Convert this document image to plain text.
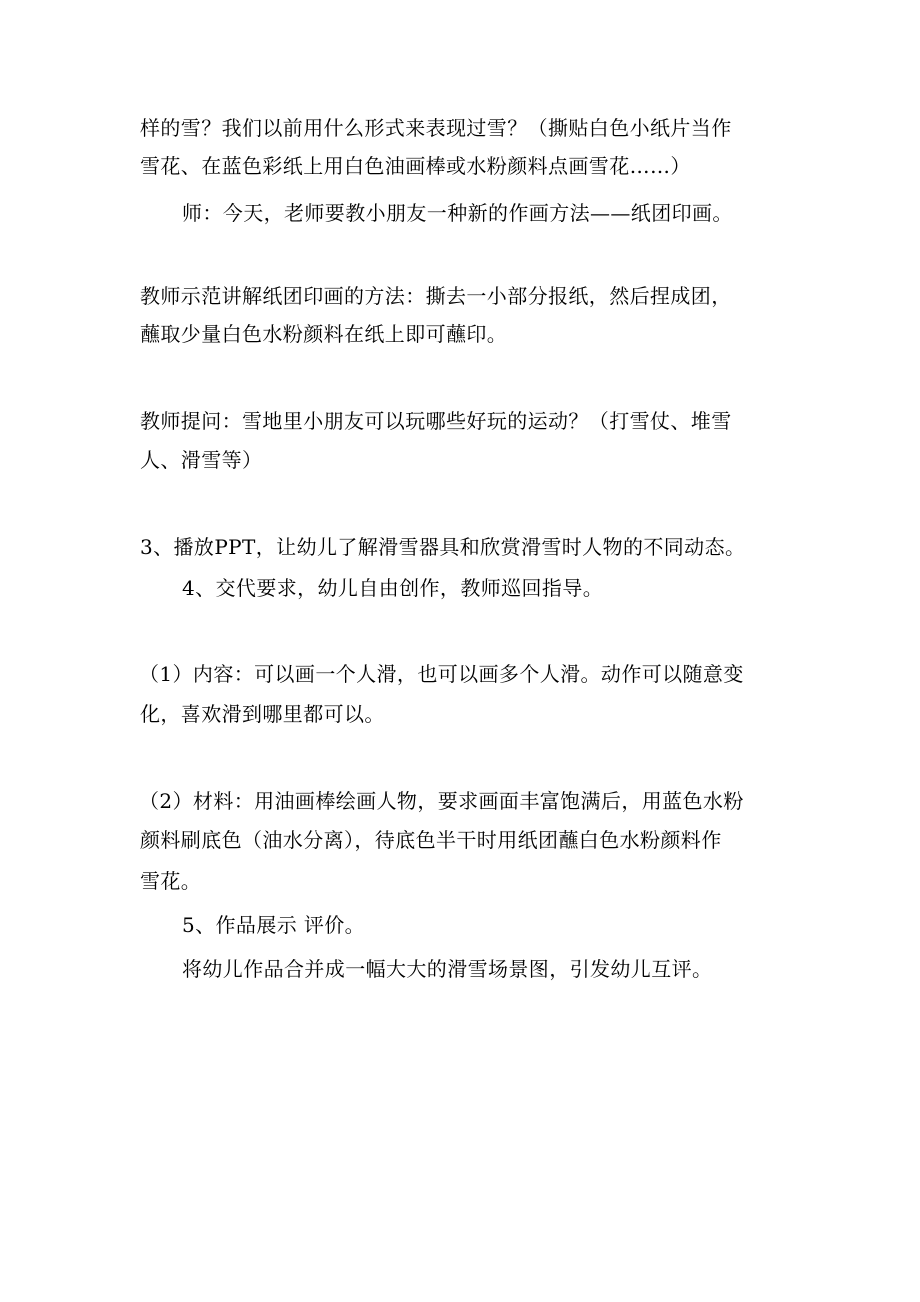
样的雪？我们以前用什么形式来表现过雪？（撕贴白色小纸片当作

雪花、在蓝色彩纸上用白色油画棒或水粉颜料点画雪花……）

师：今天，老师要教小朋友一种新的作画方法——纸团印画。

教师示范讲解纸团印画的方法：撕去一小部分报纸，然后捏成团，

蘸取少量白色水粉颜料在纸上即可蘸印。

教师提问：雪地里小朋友可以玩哪些好玩的运动？（打雪仗、堆雪

人、滑雪等）

3、播放PPT，让幼儿了解滑雪器具和欣赏滑雪时人物的不同动态。

4、交代要求，幼儿自由创作，教师巡回指导。

（1）内容：可以画一个人滑，也可以画多个人滑。动作可以随意变

化，喜欢滑到哪里都可以。

（2）材料：用油画棒绘画人物，要求画面丰富饱满后，用蓝色水粉

颜料刷底色（油水分离），待底色半干时用纸团蘸白色水粉颜料作

雪花。

5、作品展示 评价。

将幼儿作品合并成一幅大大的滑雪场景图，引发幼儿互评。
